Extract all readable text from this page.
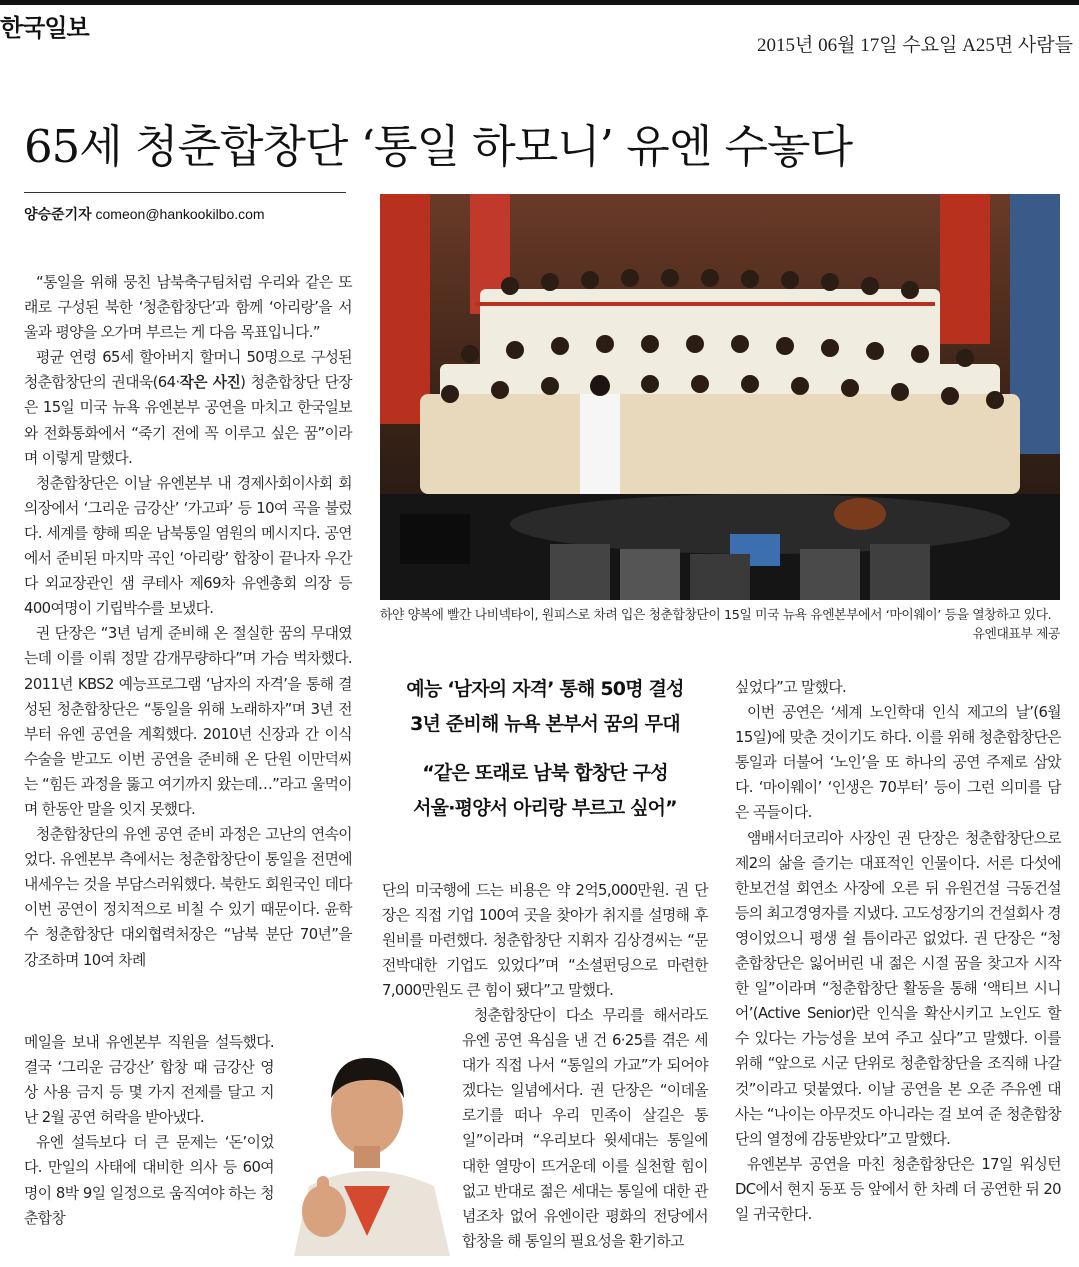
한국일보
2015년 06월 17일 수요일 A25면 사람들
65세 청춘합창단 ‘통일 하모니’ 유엔 수놓다
양승준기자 comeon@hankookilbo.com

“통일을 위해 뭉친 남북축구팀처럼 우리와 같은 또래로 구성된 북한 ‘청춘합창단’과 함께 ‘아리랑’을 서울과 평양을 오가며 부르는 게 다음 목표입니다.”

평균 연령 65세 할아버지 할머니 50명으로 구성된 청춘합창단의 권대욱(64·작은 사진) 청춘합창단 단장은 15일 미국 뉴욕 유엔본부 공연을 마치고 한국일보와 전화통화에서 “죽기 전에 꼭 이루고 싶은 꿈”이라며 이렇게 말했다.

청춘합창단은 이날 유엔본부 내 경제사회이사회 회의장에서 ‘그리운 금강산’ ‘가고파’ 등 10여 곡을 불렀다. 세계를 향해 띄운 남북통일 염원의 메시지다. 공연에서 준비된 마지막 곡인 ‘아리랑’ 합창이 끝나자 우간다 외교장관인 샘 쿠테사 제69차 유엔총회 의장 등 400여명이 기립박수를 보냈다.

권 단장은 “3년 넘게 준비해 온 절실한 꿈의 무대였는데 이를 이뤄 정말 감개무량하다”며 가슴 벅차했다. 2011년 KBS2 예능프로그램 ‘남자의 자격’을 통해 결성된 청춘합창단은 “통일을 위해 노래하자”며 3년 전부터 유엔 공연을 계획했다. 2010년 신장과 간 이식 수술을 받고도 이번 공연을 준비해 온 단원 이만덕씨는 “힘든 과정을 뚫고 여기까지 왔는데…”라고 울먹이며 한동안 말을 잇지 못했다.

청춘합창단의 유엔 공연 준비 과정은 고난의 연속이었다. 유엔본부 측에서는 청춘합창단이 통일을 전면에 내세우는 것을 부담스러워했다. 북한도 회원국인 데다 이번 공연이 정치적으로 비칠 수 있기 때문이다. 윤학수 청춘합창단 대외협력처장은 “남북 분단 70년”을 강조하며 10여 차례

메일을 보내 유엔본부 직원을 설득했다. 결국 ‘그리운 금강산’ 합창 때 금강산 영상 사용 금지 등 몇 가지 전제를 달고 지난 2월 공연 허락을 받아냈다.

유엔 설득보다 더 큰 문제는 ‘돈’이었다. 만일의 사태에 대비한 의사 등 60여명이 8박 9일 일정으로 움직여야 하는 청춘합창

하얀 양복에 빨간 나비넥타이, 원피스로 차려 입은 청춘합창단이 15일 미국 뉴욕 유엔본부에서 ‘마이웨이’ 등을 열창하고 있다.
유엔대표부 제공
예능 ‘남자의 자격’ 통해 50명 결성
3년 준비해 뉴욕 본부서 꿈의 무대
“같은 또래로 남북 합창단 구성
서울·평양서 아리랑 부르고 싶어”

단의 미국행에 드는 비용은 약 2억5,000만원. 권 단장은 직접 기업 100여 곳을 찾아가 취지를 설명해 후원비를 마련했다. 청춘합창단 지휘자 김상경씨는 “문전박대한 기업도 있었다”며 “소셜펀딩으로 마련한 7,000만원도 큰 힘이 됐다”고 말했다.

청춘합창단이 다소 무리를 해서라도 유엔 공연 욕심을 낸 건 6·25를 겪은 세대가 직접 나서 “통일의 가교”가 되어야겠다는 일념에서다. 권 단장은 “이데올로기를 떠나 우리 민족이 살길은 통일”이라며 “우리보다 윗세대는 통일에 대한 열망이 뜨거운데 이를 실천할 힘이 없고 반대로 젊은 세대는 통일에 대한 관념조차 없어 유엔이란 평화의 전당에서 합창을 해 통일의 필요성을 환기하고

싶었다”고 말했다.

이번 공연은 ‘세계 노인학대 인식 제고의 날’(6월 15일)에 맞춘 것이기도 하다. 이를 위해 청춘합창단은 통일과 더불어 ‘노인’을 또 하나의 공연 주제로 삼았다. ‘마이웨이’ ‘인생은 70부터’ 등이 그런 의미를 담은 곡들이다.

앰배서더코리아 사장인 권 단장은 청춘합창단으로 제2의 삶을 즐기는 대표적인 인물이다. 서른 다섯에 한보건설 회연소 사장에 오른 뒤 유원건설 극동건설 등의 최고경영자를 지냈다. 고도성장기의 건설회사 경영이었으니 평생 쉴 틈이라곤 없었다. 권 단장은 “청춘합창단은 잃어버린 내 젊은 시절 꿈을 찾고자 시작한 일”이라며 “청춘합창단 활동을 통해 ‘액티브 시니어’(Active Senior)란 인식을 확산시키고 노인도 할 수 있다는 가능성을 보여 주고 싶다”고 말했다. 이를 위해 “앞으로 시군 단위로 청춘합창단을 조직해 나갈 것”이라고 덧붙였다. 이날 공연을 본 오준 주유엔 대사는 “나이는 아무것도 아니라는 걸 보여 준 청춘합창단의 열정에 감동받았다”고 말했다.

유엔본부 공연을 마친 청춘합창단은 17일 워싱턴DC에서 현지 동포 등 앞에서 한 차례 더 공연한 뒤 20일 귀국한다.
